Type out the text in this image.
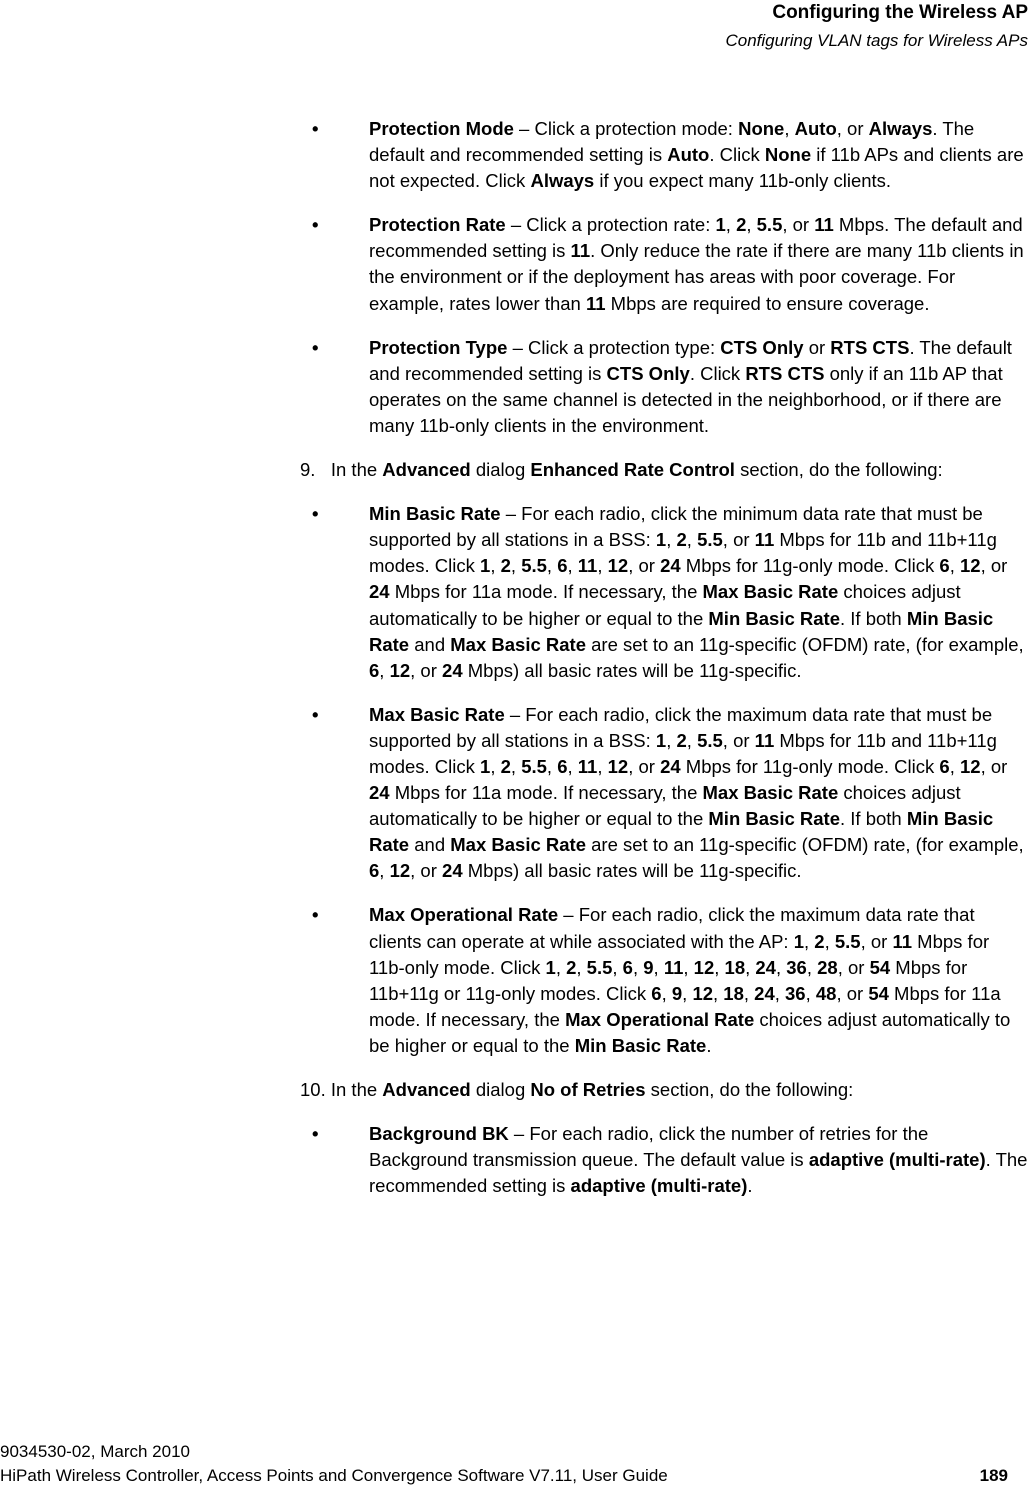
Configuring the Wireless AP
Configuring VLAN tags for Wireless APs
•	Protection Mode – Click a protection mode: None, Auto, or Always. The default and recommended setting is Auto. Click None if 11b APs and clients are not expected. Click Always if you expect many 11b-only clients.
•	Protection Rate – Click a protection rate: 1, 2, 5.5, or 11 Mbps. The default and recommended setting is 11. Only reduce the rate if there are many 11b clients in the environment or if the deployment has areas with poor coverage. For example, rates lower than 11 Mbps are required to ensure coverage.
•	Protection Type – Click a protection type: CTS Only or RTS CTS. The default and recommended setting is CTS Only. Click RTS CTS only if an 11b AP that operates on the same channel is detected in the neighborhood, or if there are many 11b-only clients in the environment.
9. In the Advanced dialog Enhanced Rate Control section, do the following:
•	Min Basic Rate – For each radio, click the minimum data rate that must be supported by all stations in a BSS: 1, 2, 5.5, or 11 Mbps for 11b and 11b+11g modes. Click 1, 2, 5.5, 6, 11, 12, or 24 Mbps for 11g-only mode. Click 6, 12, or 24 Mbps for 11a mode. If necessary, the Max Basic Rate choices adjust automatically to be higher or equal to the Min Basic Rate. If both Min Basic Rate and Max Basic Rate are set to an 11g-specific (OFDM) rate, (for example, 6, 12, or 24 Mbps) all basic rates will be 11g-specific.
•	Max Basic Rate – For each radio, click the maximum data rate that must be supported by all stations in a BSS: 1, 2, 5.5, or 11 Mbps for 11b and 11b+11g modes. Click 1, 2, 5.5, 6, 11, 12, or 24 Mbps for 11g-only mode. Click 6, 12, or 24 Mbps for 11a mode. If necessary, the Max Basic Rate choices adjust automatically to be higher or equal to the Min Basic Rate. If both Min Basic Rate and Max Basic Rate are set to an 11g-specific (OFDM) rate, (for example, 6, 12, or 24 Mbps) all basic rates will be 11g-specific.
•	Max Operational Rate – For each radio, click the maximum data rate that clients can operate at while associated with the AP: 1, 2, 5.5, or 11 Mbps for 11b-only mode. Click 1, 2, 5.5, 6, 9, 11, 12, 18, 24, 36, 28, or 54 Mbps for 11b+11g or 11g-only modes. Click 6, 9, 12, 18, 24, 36, 48, or 54 Mbps for 11a mode. If necessary, the Max Operational Rate choices adjust automatically to be higher or equal to the Min Basic Rate.
10. In the Advanced dialog No of Retries section, do the following:
•	Background BK – For each radio, click the number of retries for the Background transmission queue. The default value is adaptive (multi-rate). The recommended setting is adaptive (multi-rate).
9034530-02, March 2010
HiPath Wireless Controller, Access Points and Convergence Software V7.11, User Guide	189
